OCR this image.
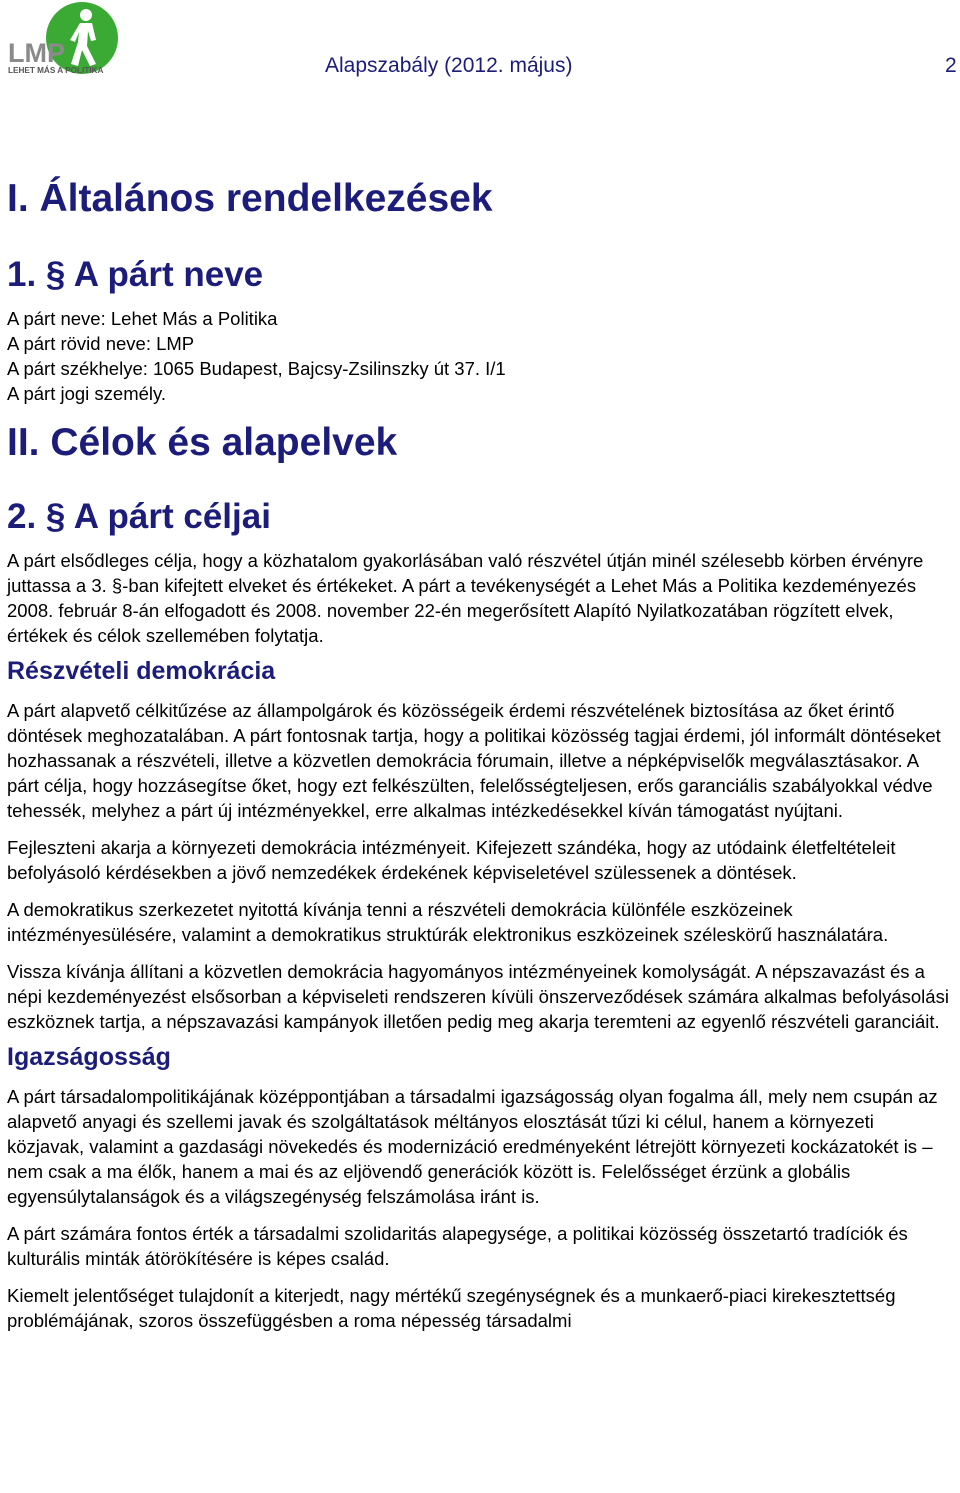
LMP
LEHET MÁS A POLITIKA	Alapszabály (2012. május)	2
I. Általános rendelkezések
1. § A párt neve

A párt neve: Lehet Más a Politika

A párt rövid neve: LMP

A párt székhelye: 1065 Budapest, Bajcsy-Zsilinszky út 37. I/1

A párt jogi személy.

II. Célok és alapelvek
2. § A párt céljai

A párt elsődleges célja, hogy a közhatalom gyakorlásában való részvétel útján minél szélesebb körben érvényre juttassa a 3. §-ban kifejtett elveket és értékeket. A párt a tevékenységét a Lehet Más a Politika kezdeményezés 2008. február 8-án elfogadott és 2008. november 22-én megerősített Alapító Nyilatkozatában rögzített elvek, értékek és célok szellemében folytatja.

Részvételi demokrácia

A párt alapvető célkitűzése az állampolgárok és közösségeik érdemi részvételének biztosítása az őket érintő döntések meghozatalában. A párt fontosnak tartja, hogy a politikai közösség tagjai érdemi, jól informált döntéseket hozhassanak a részvételi, illetve a közvetlen demokrácia fórumain, illetve a népképviselők megválasztásakor. A párt célja, hogy hozzásegítse őket, hogy ezt felkészülten, felelősségteljesen, erős garanciális szabályokkal védve tehessék, melyhez a párt új intézményekkel, erre alkalmas intézkedésekkel kíván támogatást nyújtani.

Fejleszteni akarja a környezeti demokrácia intézményeit. Kifejezett szándéka, hogy az utódaink életfeltételeit befolyásoló kérdésekben a jövő nemzedékek érdekének képviseletével szülessenek a döntések.

A demokratikus szerkezetet nyitottá kívánja tenni a részvételi demokrácia különféle eszközeinek intézményesülésére, valamint a demokratikus struktúrák elektronikus eszközeinek széleskörű használatára.

Vissza kívánja állítani a közvetlen demokrácia hagyományos intézményeinek komolyságát. A népszavazást és a népi kezdeményezést elsősorban a képviseleti rendszeren kívüli önszerveződések számára alkalmas befolyásolási eszköznek tartja, a népszavazási kampányok illetően pedig meg akarja teremteni az egyenlő részvételi garanciáit.

Igazságosság

A párt társadalompolitikájának középpontjában a társadalmi igazságosság olyan fogalma áll, mely nem csupán az alapvető anyagi és szellemi javak és szolgáltatások méltányos elosztását tűzi ki célul, hanem a környezeti közjavak, valamint a gazdasági növekedés és modernizáció eredményeként létrejött környezeti kockázatokét is – nem csak a ma élők, hanem a mai és az eljövendő generációk között is. Felelősséget érzünk a globális egyensúlytalanságok és a világszegénység felszámolása iránt is.

A párt számára fontos érték a társadalmi szolidaritás alapegysége, a politikai közösség összetartó tradíciók és kulturális minták átörökítésére is képes család.

Kiemelt jelentőséget tulajdonít a kiterjedt, nagy mértékű szegénységnek és a munkaerő-piaci kirekesztettség problémájának, szoros összefüggésben a roma népesség társadalmi
